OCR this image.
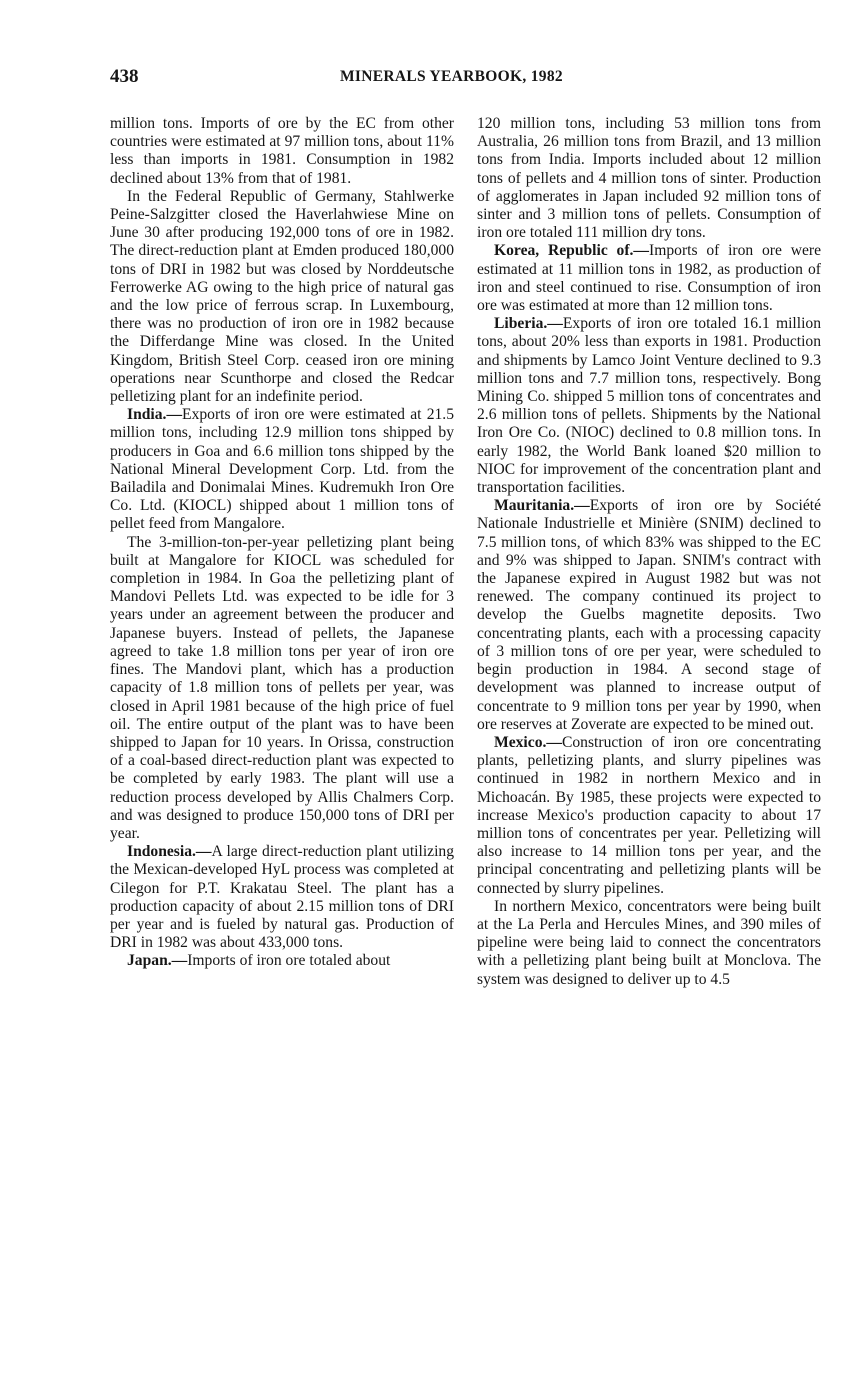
438	MINERALS YEARBOOK, 1982

million tons. Imports of ore by the EC from other countries were estimated at 97 million tons, about 11% less than imports in 1981. Consumption in 1982 declined about 13% from that of 1981.

In the Federal Republic of Germany, Stahlwerke Peine-Salzgitter closed the Haverlahwiese Mine on June 30 after producing 192,000 tons of ore in 1982. The direct-reduction plant at Emden produced 180,000 tons of DRI in 1982 but was closed by Norddeutsche Ferrowerke AG owing to the high price of natural gas and the low price of ferrous scrap. In Luxembourg, there was no production of iron ore in 1982 because the Differdange Mine was closed. In the United Kingdom, British Steel Corp. ceased iron ore mining operations near Scunthorpe and closed the Redcar pelletizing plant for an indefinite period.

India.—Exports of iron ore were estimated at 21.5 million tons, including 12.9 million tons shipped by producers in Goa and 6.6 million tons shipped by the National Mineral Development Corp. Ltd. from the Bailadila and Donimalai Mines. Kudremukh Iron Ore Co. Ltd. (KIOCL) shipped about 1 million tons of pellet feed from Mangalore.

The 3-million-ton-per-year pelletizing plant being built at Mangalore for KIOCL was scheduled for completion in 1984. In Goa the pelletizing plant of Mandovi Pellets Ltd. was expected to be idle for 3 years under an agreement between the producer and Japanese buyers. Instead of pellets, the Japanese agreed to take 1.8 million tons per year of iron ore fines. The Mandovi plant, which has a production capacity of 1.8 million tons of pellets per year, was closed in April 1981 because of the high price of fuel oil. The entire output of the plant was to have been shipped to Japan for 10 years. In Orissa, construction of a coal-based direct-reduction plant was expected to be completed by early 1983. The plant will use a reduction process developed by Allis Chalmers Corp. and was designed to produce 150,000 tons of DRI per year.

Indonesia.—A large direct-reduction plant utilizing the Mexican-developed HyL process was completed at Cilegon for P.T. Krakatau Steel. The plant has a production capacity of about 2.15 million tons of DRI per year and is fueled by natural gas. Production of DRI in 1982 was about 433,000 tons.

Japan.—Imports of iron ore totaled about

120 million tons, including 53 million tons from Australia, 26 million tons from Brazil, and 13 million tons from India. Imports included about 12 million tons of pellets and 4 million tons of sinter. Production of agglomerates in Japan included 92 million tons of sinter and 3 million tons of pellets. Consumption of iron ore totaled 111 million dry tons.

Korea, Republic of.—Imports of iron ore were estimated at 11 million tons in 1982, as production of iron and steel continued to rise. Consumption of iron ore was estimated at more than 12 million tons.

Liberia.—Exports of iron ore totaled 16.1 million tons, about 20% less than exports in 1981. Production and shipments by Lamco Joint Venture declined to 9.3 million tons and 7.7 million tons, respectively. Bong Mining Co. shipped 5 million tons of concentrates and 2.6 million tons of pellets. Shipments by the National Iron Ore Co. (NIOC) declined to 0.8 million tons. In early 1982, the World Bank loaned $20 million to NIOC for improvement of the concentration plant and transportation facilities.

Mauritania.—Exports of iron ore by Société Nationale Industrielle et Minière (SNIM) declined to 7.5 million tons, of which 83% was shipped to the EC and 9% was shipped to Japan. SNIM's contract with the Japanese expired in August 1982 but was not renewed. The company continued its project to develop the Guelbs magnetite deposits. Two concentrating plants, each with a processing capacity of 3 million tons of ore per year, were scheduled to begin production in 1984. A second stage of development was planned to increase output of concentrate to 9 million tons per year by 1990, when ore reserves at Zoverate are expected to be mined out.

Mexico.—Construction of iron ore concentrating plants, pelletizing plants, and slurry pipelines was continued in 1982 in northern Mexico and in Michoacán. By 1985, these projects were expected to increase Mexico's production capacity to about 17 million tons of concentrates per year. Pelletizing will also increase to 14 million tons per year, and the principal concentrating and pelletizing plants will be connected by slurry pipelines.

In northern Mexico, concentrators were being built at the La Perla and Hercules Mines, and 390 miles of pipeline were being laid to connect the concentrators with a pelletizing plant being built at Monclova. The system was designed to deliver up to 4.5
